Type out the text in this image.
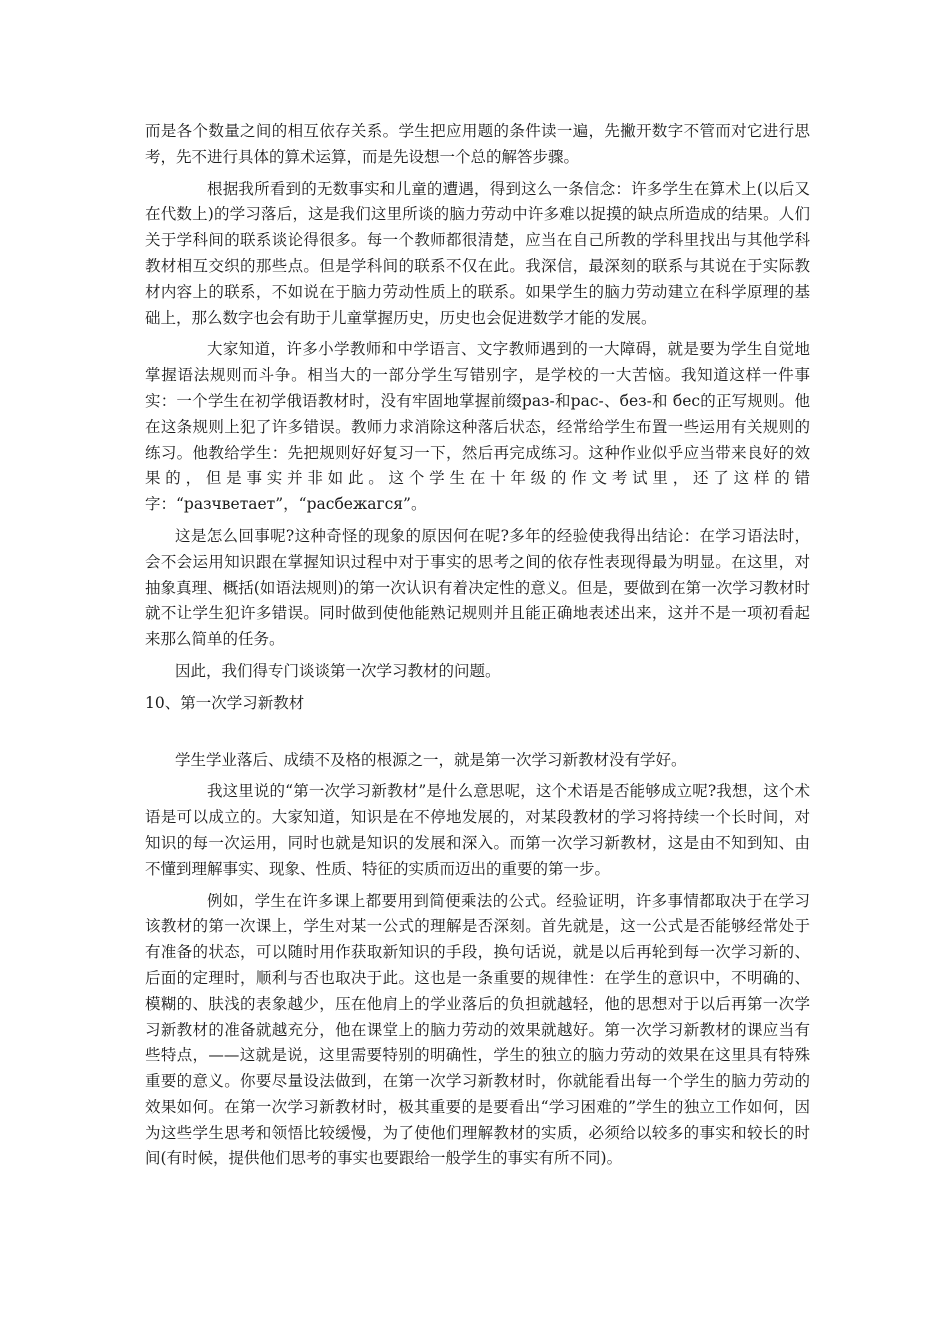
而是各个数量之间的相互依存关系。学生把应用题的条件读一遍，先撇开数字不管而对它进行思考，先不进行具体的算术运算，而是先设想一个总的解答步骤。

根据我所看到的无数事实和儿童的遭遇，得到这么一条信念：许多学生在算术上(以后又在代数上)的学习落后，这是我们这里所谈的脑力劳动中许多难以捉摸的缺点所造成的结果。人们关于学科间的联系谈论得很多。每一个教师都很清楚，应当在自己所教的学科里找出与其他学科教材相互交织的那些点。但是学科间的联系不仅在此。我深信，最深刻的联系与其说在于实际教材内容上的联系，不如说在于脑力劳动性质上的联系。如果学生的脑力劳动建立在科学原理的基础上，那么数字也会有助于儿童掌握历史，历史也会促进数学才能的发展。

大家知道，许多小学教师和中学语言、文字教师遇到的一大障碍，就是要为学生自觉地掌握语法规则而斗争。相当大的一部分学生写错别字，是学校的一大苦恼。我知道这样一件事实：一个学生在初学俄语教材时，没有牢固地掌握前缀раз-和рас-、без-和 бес的正写规则。他在这条规则上犯了许多错误。教师力求消除这种落后状态，经常给学生布置一些运用有关规则的练习。他教给学生：先把规则好好复习一下，然后再完成练习。这种作业似乎应当带来良好的效果的，但是事实并非如此。这个学生在十年级的作文考试里，还了这样的错字：“разчветает”，“расбежагся”。

这是怎么回事呢?这种奇怪的现象的原因何在呢?多年的经验使我得出结论：在学习语法时，会不会运用知识跟在掌握知识过程中对于事实的思考之间的依存性表现得最为明显。在这里，对抽象真理、概括(如语法规则)的第一次认识有着决定性的意义。但是，要做到在第一次学习教材时就不让学生犯许多错误。同时做到使他能熟记规则并且能正确地表述出来，这并不是一项初看起来那么简单的任务。

因此，我们得专门谈谈第一次学习教材的问题。

10、第一次学习新教材

学生学业落后、成绩不及格的根源之一，就是第一次学习新教材没有学好。

我这里说的“第一次学习新教材”是什么意思呢，这个术语是否能够成立呢?我想，这个术语是可以成立的。大家知道，知识是在不停地发展的，对某段教材的学习将持续一个长时间，对知识的每一次运用，同时也就是知识的发展和深入。而第一次学习新教材，这是由不知到知、由不懂到理解事实、现象、性质、特征的实质而迈出的重要的第一步。

例如，学生在许多课上都要用到简便乘法的公式。经验证明，许多事情都取决于在学习该教材的第一次课上，学生对某一公式的理解是否深刻。首先就是，这一公式是否能够经常处于有准备的状态，可以随时用作获取新知识的手段，换句话说，就是以后再轮到每一次学习新的、后面的定理时，顺利与否也取决于此。这也是一条重要的规律性：在学生的意识中，不明确的、模糊的、肤浅的表象越少，压在他肩上的学业落后的负担就越轻，他的思想对于以后再第一次学习新教材的准备就越充分，他在课堂上的脑力劳动的效果就越好。第一次学习新教材的课应当有些特点，——这就是说，这里需要特别的明确性，学生的独立的脑力劳动的效果在这里具有特殊重要的意义。你要尽量设法做到，在第一次学习新教材时，你就能看出每一个学生的脑力劳动的效果如何。在第一次学习新教材时，极其重要的是要看出“学习困难的”学生的独立工作如何，因为这些学生思考和领悟比较缓慢，为了使他们理解教材的实质，必须给以较多的事实和较长的时间(有时候，提供他们思考的事实也要跟给一般学生的事实有所不同)。
